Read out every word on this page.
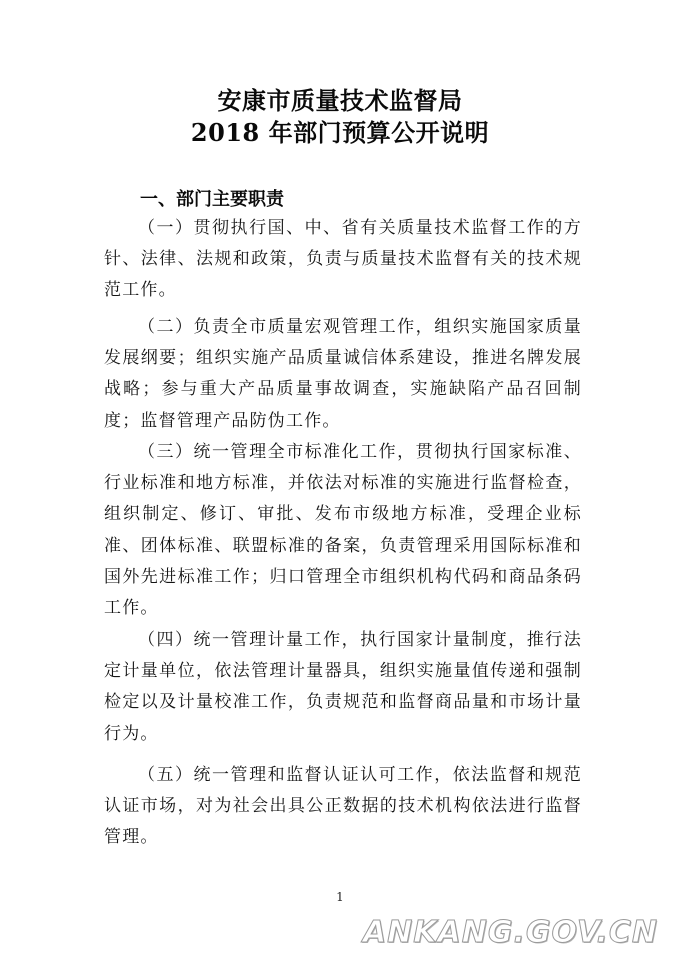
安康市质量技术监督局
2018 年部门预算公开说明
一、部门主要职责

（一）贯彻执行国、中、省有关质量技术监督工作的方针、法律、法规和政策，负责与质量技术监督有关的技术规范工作。

（二）负责全市质量宏观管理工作，组织实施国家质量发展纲要；组织实施产品质量诚信体系建设，推进名牌发展战略；参与重大产品质量事故调查，实施缺陷产品召回制度；监督管理产品防伪工作。

（三）统一管理全市标准化工作，贯彻执行国家标准、行业标准和地方标准，并依法对标准的实施进行监督检查，组织制定、修订、审批、发布市级地方标准，受理企业标准、团体标准、联盟标准的备案，负责管理采用国际标准和国外先进标准工作；归口管理全市组织机构代码和商品条码工作。

（四）统一管理计量工作，执行国家计量制度，推行法定计量单位，依法管理计量器具，组织实施量值传递和强制检定以及计量校准工作，负责规范和监督商品量和市场计量行为。

（五）统一管理和监督认证认可工作，依法监督和规范认证市场，对为社会出具公正数据的技术机构依法进行监督管理。

1
ANKANG.GOV.CN
